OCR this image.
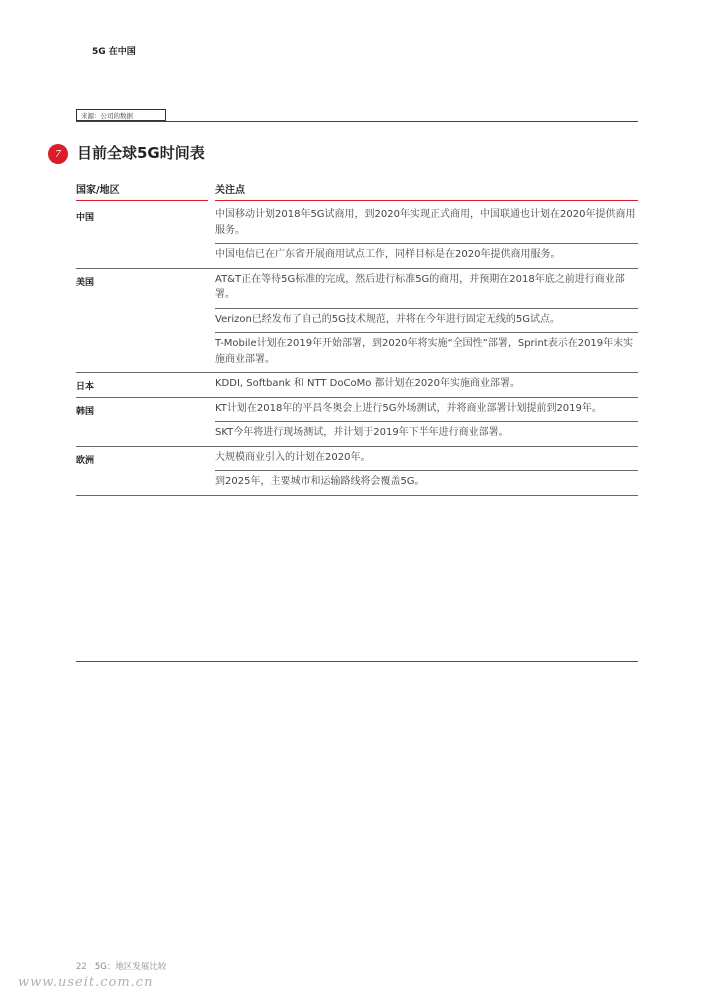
5G 在中国
来源：公司的数据
7	目前全球5G时间表
国家/地区	关注点
中国	中国移动计划2018年5G试商用，到2020年实现正式商用，中国联通也计划在2020年提供商用服务。
中国电信已在广东省开展商用试点工作，同样目标是在2020年提供商用服务。
美国	AT&T正在等待5G标准的完成，然后进行标准5G的商用，并预期在2018年底之前进行商业部署。
Verizon已经发布了自己的5G技术规范，并将在今年进行固定无线的5G试点。
T-Mobile计划在2019年开始部署，到2020年将实施“全国性”部署，Sprint表示在2019年末实施商业部署。
日本	KDDI, Softbank 和 NTT DoCoMo 都计划在2020年实施商业部署。
韩国	KT计划在2018年的平昌冬奥会上进行5G外场测试，并将商业部署计划提前到2019年。
SKT今年将进行现场测试，并计划于2019年下半年进行商业部署。
欧洲	大规模商业引入的计划在2020年。
到2025年，主要城市和运输路线将会覆盖5G。
22 5G：地区发展比较
www.useit.com.cn
